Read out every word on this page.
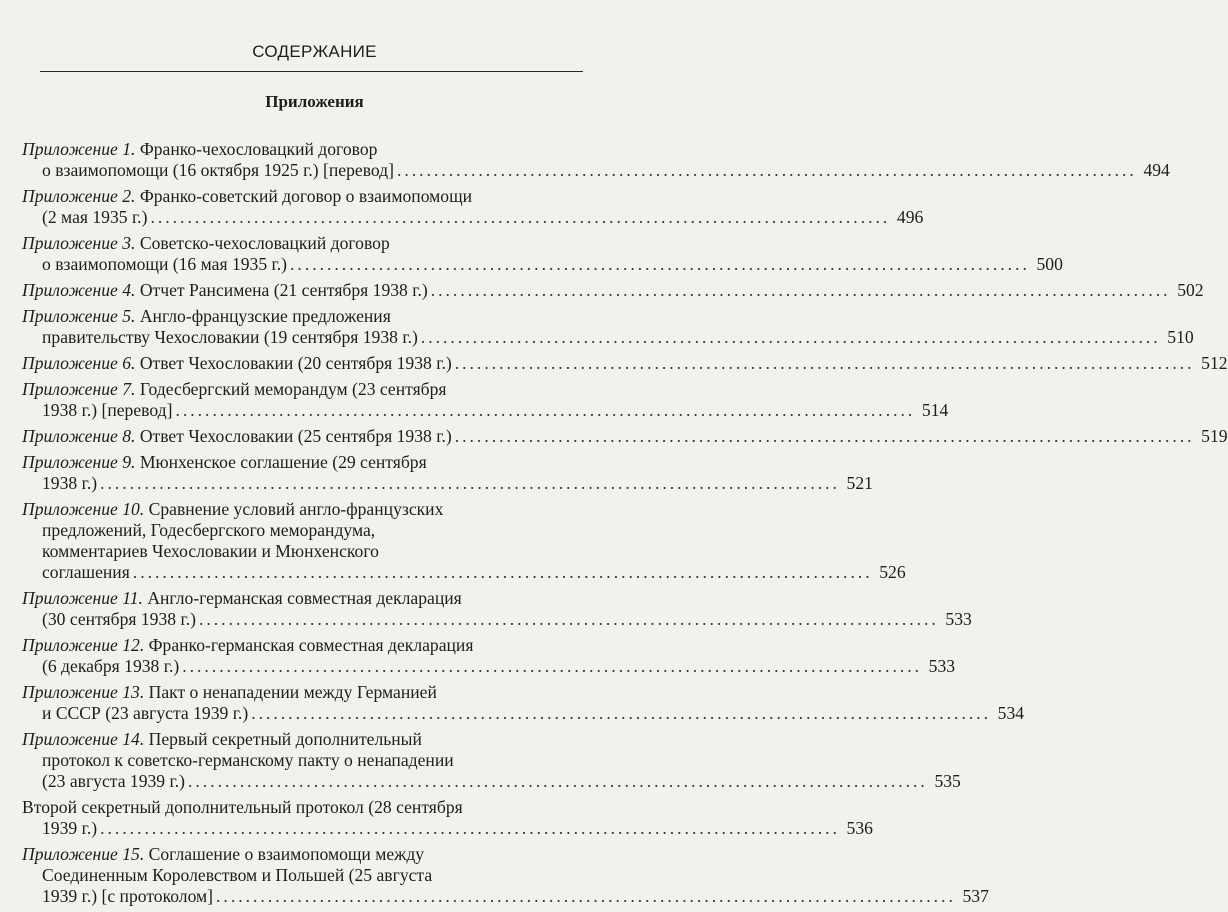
СОДЕРЖАНИЕ
Приложения
Приложение 1. Франко-чехословацкий договор
о взаимопомощи (16 октября 1925 г.) [перевод] .................................................................................................... 494
Приложение 2. Франко-советский договор о взаимопомощи
(2 мая 1935 г.) .................................................................................................... 496
Приложение 3. Советско-чехословацкий договор
о взаимопомощи (16 мая 1935 г.) .................................................................................................... 500
Приложение 4. Отчет Рансимена (21 сентября 1938 г.) .................................................................................................... 502
Приложение 5. Англо-французские предложения
правительству Чехословакии (19 сентября 1938 г.) .................................................................................................... 510
Приложение 6. Ответ Чехословакии (20 сентября 1938 г.) .................................................................................................... 512
Приложение 7. Годесбергский меморандум (23 сентября
1938 г.) [перевод] .................................................................................................... 514
Приложение 8. Ответ Чехословакии (25 сентября 1938 г.) .................................................................................................... 519
Приложение 9. Мюнхенское соглашение (29 сентября
1938 г.) .................................................................................................... 521
Приложение 10. Сравнение условий англо-французских
предложений, Годесбергского меморандума,
комментариев Чехословакии и Мюнхенского
соглашения .................................................................................................... 526
Приложение 11. Англо-германская совместная декларация
(30 сентября 1938 г.) .................................................................................................... 533
Приложение 12. Франко-германская совместная декларация
(6 декабря 1938 г.) .................................................................................................... 533
Приложение 13. Пакт о ненападении между Германией
и СССР (23 августа 1939 г.) .................................................................................................... 534
Приложение 14. Первый секретный дополнительный
протокол к советско-германскому пакту о ненападении
(23 августа 1939 г.) .................................................................................................... 535
Второй секретный дополнительный протокол (28 сентября
1939 г.) .................................................................................................... 536
Приложение 15. Соглашение о взаимопомощи между
Соединенным Королевством и Польшей (25 августа
1939 г.) [с протоколом] .................................................................................................... 537
